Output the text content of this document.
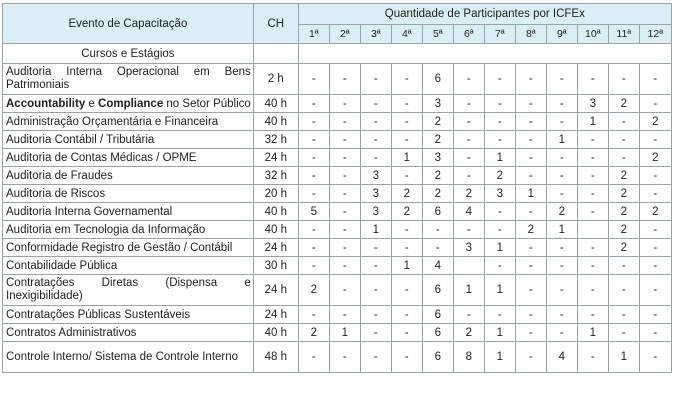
Evento de Capacitação	CH	Quantidade de Participantes por ICFEx											
		1ª	2ª	3ª	4ª	5ª	6ª	7ª	8ª	9ª	10ª	11ª	12ª
Cursos e Estágios													
Auditoria Interna Operacional em Bens Patrimoniais	2 h	-	-	-	-	6	-	-	-	-	-	-	-
Accountability e Compliance no Setor Público	40 h	-	-	-	-	3	-	-	-	-	3	2	-
Administração Orçamentária e Financeira	40 h	-	-	-	-	2	-	-	-	-	1	-	2
Auditoria Contábil / Tributária	32 h	-	-	-	-	2	-	-	-	1	-	-	-
Auditoria de Contas Médicas / OPME	24 h	-	-	-	1	3	-	1	-	-	-	-	2
Auditoria de Fraudes	32 h	-	-	3	-	2	-	2	-	-	-	2	-
Auditoria de Riscos	20 h	-	-	3	2	2	2	3	1	-	-	2	-
Auditoria Interna Governamental	40 h	5	-	3	2	6	4	-	-	2	-	2	2
Auditoria em Tecnologia da Informação	40 h	-	-	1	-	-	-	-	2	1		2	-
Conformidade Registro de Gestão / Contábil	24 h	-	-	-	-	-	3	1	-	-	-	2	-
Contabilidade Pública	30 h	-	-	-	1	4		-	-	-	-	-	-
Contratações Diretas (Dispensa e Inexigibilidade)	24 h	2	-	-	-	6	1	1	-	-	-	-	-
Contratações Públicas Sustentáveis	24 h	-	-	-	-	6	-	-	-	-	-	-	-
Contratos Administrativos	40 h	2	1	-	-	6	2	1	-	-	1	-	-
Controle Interno/ Sistema de Controle Interno	48 h	-	-	-	-	6	8	1	-	4	-	1	-
